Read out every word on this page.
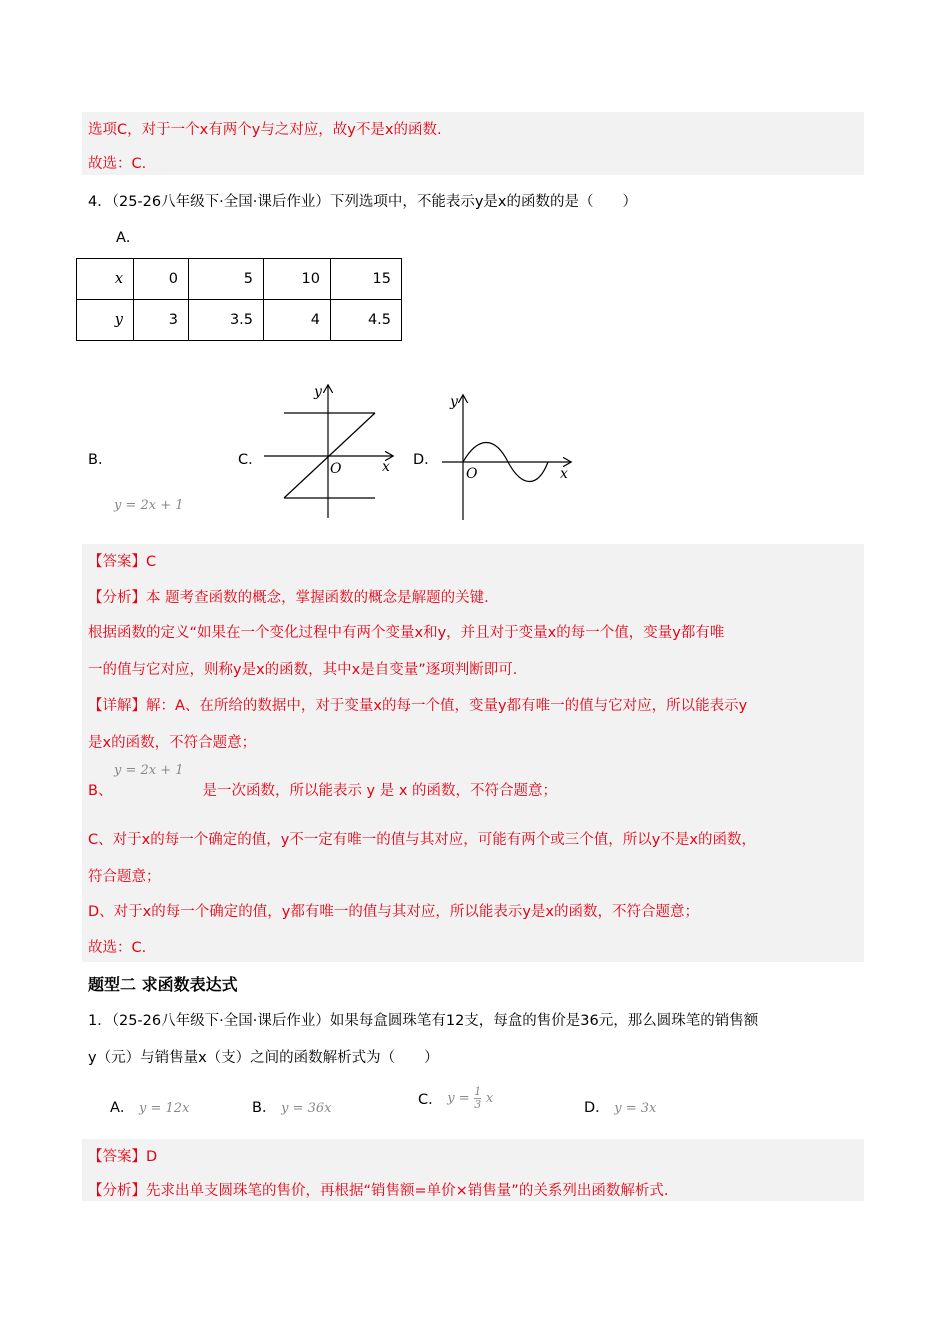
选项C，对于一个x有两个y与之对应，故y不是x的函数.
故选：C.
4．（25-26八年级下·全国·课后作业）下列选项中，不能表示y是x的函数的是（　　）
A．
x	0	5	10	15
y	3	3.5	4	4.5
B．
y = 2x + 1
C．	D．
y
x
O
y
x
O
【答案】C
【分析】本 题考查函数的概念，掌握函数的概念是解题的关键.
根据函数的定义“如果在一个变化过程中有两个变量x和y，并且对于变量x的每一个值，变量y都有唯
一的值与它对应，则称y是x的函数，其中x是自变量”逐项判断即可.
【详解】解：A、在所给的数据中，对于变量x的每一个值，变量y都有唯一的值与它对应，所以能表示y
是x的函数，不符合题意；
y = 2x + 1
B、	是一次函数，所以能表示 y 是 x 的函数，不符合题意；
C、对于x的每一个确定的值，y不一定有唯一的值与其对应，可能有两个或三个值，所以y不是x的函数，
符合题意；
D、对于x的每一个确定的值，y都有唯一的值与其对应，所以能表示y是x的函数，不符合题意；
故选：C.
题型二 求函数表达式
1．（25-26八年级下·全国·课后作业）如果每盒圆珠笔有12支，每盒的售价是36元，那么圆珠笔的销售额
y（元）与销售量x（支）之间的函数解析式为（　　）
A． y = 12x	B． y = 36x
C． $y = \frac{1}{3}$ x
D． y = 3x
【答案】D
【分析】先求出单支圆珠笔的售价，再根据“销售额=单价×销售量”的关系列出函数解析式.
